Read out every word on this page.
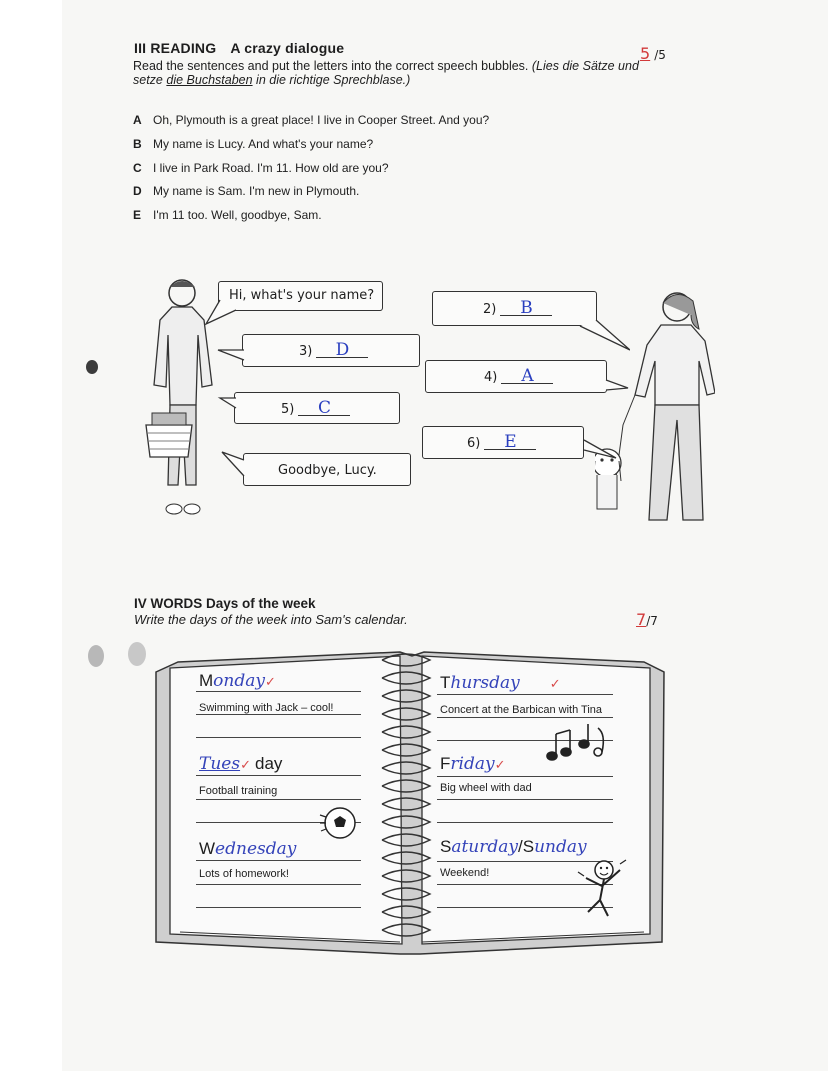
III READING A crazy dialogue	5 /5
Read the sentences and put the letters into the correct speech bubbles. (Lies die Sätze und
setze die Buchstaben in die richtige Sprechblase.)
A Oh, Plymouth is a great place! I live in Cooper Street. And you?
B My name is Lucy. And what's your name?
C I live in Park Road. I'm 11. How old are you?
D My name is Sam. I'm new in Plymouth.
E I'm 11 too. Well, goodbye, Sam.
Hi, what's your name?
2) B
3) D
4) A
5) C
6) E
Goodbye, Lucy.
IV WORDS Days of the week
Write the days of the week into Sam's calendar.	7/7
Monday✓
Swimming with Jack – cool!
Tues✓ day
Football training
Wednesday
Lots of homework!
Thursday ✓
Concert at the Barbican with Tina
Friday✓
Big wheel with dad
Saturday/Sunday
Weekend!
